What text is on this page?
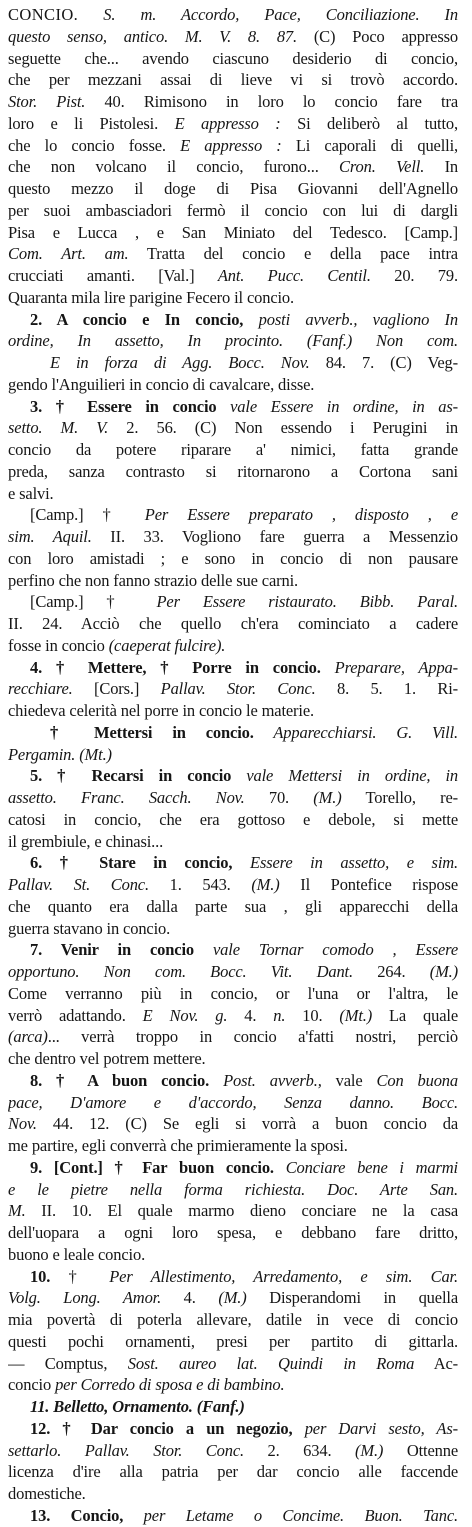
CONCIO. S. m. Accordo, Pace, Conciliazione. In
questo senso, antico. M. V. 8. 87. (C) Poco appresso
seguette che... avendo ciascuno desiderio di concio,
che per mezzani assai di lieve vi si trovò accordo.
Stor. Pist. 40. Rimisono in loro lo concio fare tra
loro e li Pistolesi. E appresso : Si deliberò al tutto,
che lo concio fosse. E appresso : Li caporali di quelli,
che non volcano il concio, furono... Cron. Vell. In
questo mezzo il doge di Pisa Giovanni dell'Agnello
per suoi ambasciadori fermò il concio con lui di dargli
Pisa e Lucca , e San Miniato del Tedesco. [Camp.]
Com. Art. am. Tratta del concio e della pace intra
crucciati amanti. [Val.] Ant. Pucc. Centil. 20. 79.
Quaranta mila lire parigine Fecero il concio.
2. A concio e In concio, posti avverb., vagliono In
ordine, In assetto, In procinto. (Fanf.) Non com.
E in forza di Agg. Bocc. Nov. 84. 7. (C) Veg-
gendo l'Anguilieri in concio di cavalcare, disse.
3. † Essere in concio vale Essere in ordine, in as-
setto. M. V. 2. 56. (C) Non essendo i Perugini in
concio da potere riparare a' nimici, fatta grande
preda, sanza contrasto si ritornarono a Cortona sani
e salvi.
[Camp.] † Per Essere preparato , disposto , e
sim. Aquil. II. 33. Vogliono fare guerra a Messenzio
con loro amistadi ; e sono in concio di non pausare
perfino che non fanno strazio delle sue carni.
[Camp.] † Per Essere ristaurato. Bibb. Paral.
II. 24. Acciò che quello ch'era cominciato a cadere
fosse in concio (caeperat fulcire).
4. † Mettere, † Porre in concio. Preparare, Appa-
recchiare. [Cors.] Pallav. Stor. Conc. 8. 5. 1. Ri-
chiedeva celerità nel porre in concio le materie.
† Mettersi in concio. Apparecchiarsi. G. Vill.
Pergamin. (Mt.)
5. † Recarsi in concio vale Mettersi in ordine, in
assetto. Franc. Sacch. Nov. 70. (M.) Torello, re-
catosi in concio, che era gottoso e debole, si mette
il grembiule, e chinasi...
6. † Stare in concio, Essere in assetto, e sim.
Pallav. St. Conc. 1. 543. (M.) Il Pontefice rispose
che quanto era dalla parte sua , gli apparecchi della
guerra stavano in concio.
7. Venir in concio vale Tornar comodo , Essere
opportuno. Non com. Bocc. Vit. Dant. 264. (M.)
Come verranno più in concio, or l'una or l'altra, le
verrò adattando. E Nov. g. 4. n. 10. (Mt.) La quale
(arca)... verrà troppo in concio a'fatti nostri, perciò
che dentro vel potrem mettere.
8. † A buon concio. Post. avverb., vale Con buona
pace, D'amore e d'accordo, Senza danno. Bocc.
Nov. 44. 12. (C) Se egli si vorrà a buon concio da
me partire, egli converrà che primieramente la sposi.
9. [Cont.] † Far buon concio. Conciare bene i marmi
e le pietre nella forma richiesta. Doc. Arte San.
M. II. 10. El quale marmo dieno conciare ne la casa
dell'uopara a ogni loro spesa, e debbano fare dritto,
buono e leale concio.
10. † Per Allestimento, Arredamento, e sim. Car.
Volg. Long. Amor. 4. (M.) Disperandomi in quella
mia povertà di poterla allevare, datile in vece di concio
questi pochi ornamenti, presi per partito di gittarla.
— Comptus, Sost. aureo lat. Quindi in Roma Ac-
concio per Corredo di sposa e di bambino.
11. Belletto, Ornamento. (Fanf.)
12. † Dar concio a un negozio, per Darvi sesto, As-
settarlo. Pallav. Stor. Conc. 2. 634. (M.) Ottenne
licenza d'ire alla patria per dar concio alle faccende
domestiche.
13. Concio, per Letame o Concime. Buon. Tanc.
